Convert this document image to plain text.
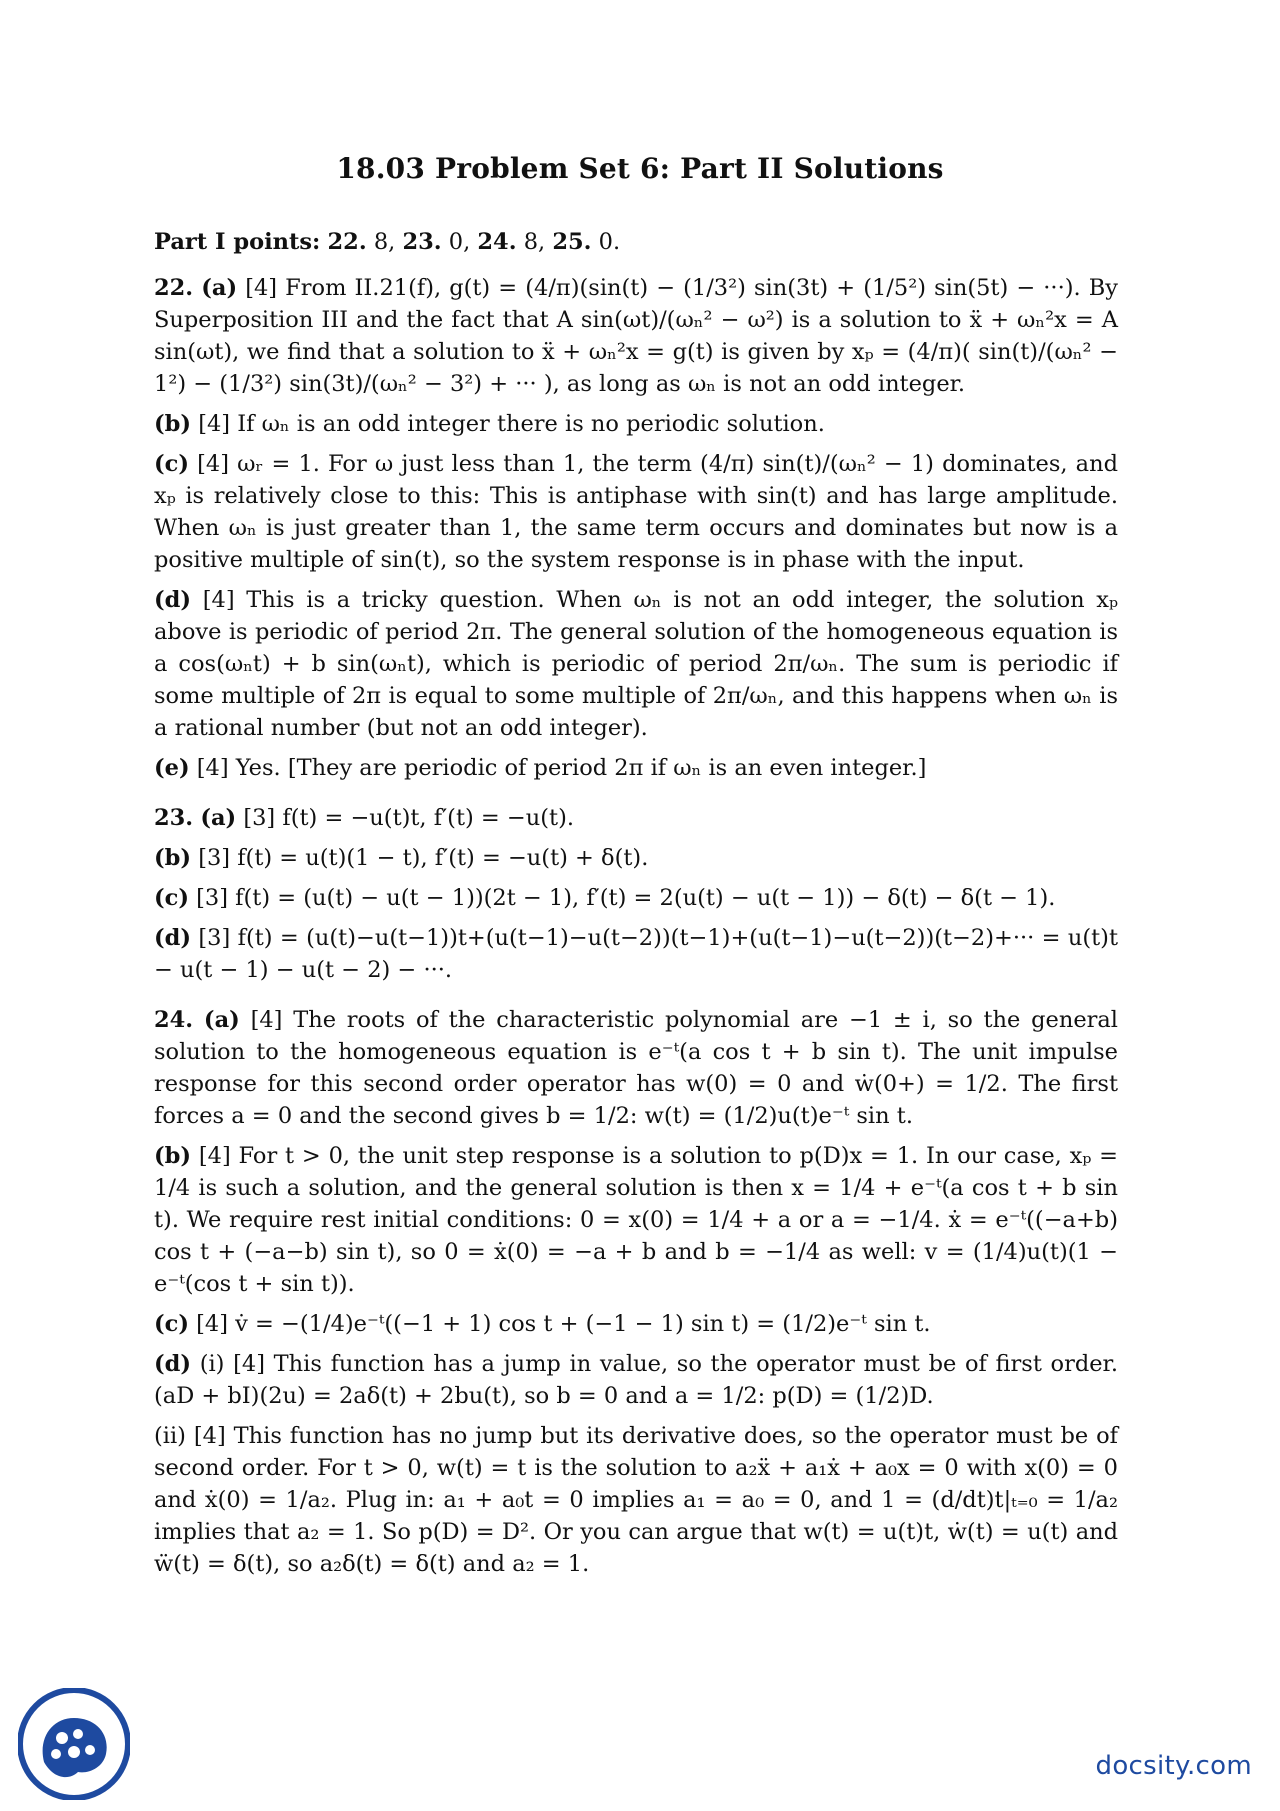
18.03 Problem Set 6: Part II Solutions

Part I points: 22. 8, 23. 0, 24. 8, 25. 0.

22. (a) [4] From II.21(f), g(t) = (4/π)(sin(t) − (1/3²) sin(3t) + (1/5²) sin(5t) − ···). By Superposition III and the fact that A sin(ωt)/(ωₙ² − ω²) is a solution to ẍ + ωₙ²x = A sin(ωt), we find that a solution to ẍ + ωₙ²x = g(t) is given by xₚ = (4/π)( sin(t)/(ωₙ² − 1²) − (1/3²) sin(3t)/(ωₙ² − 3²) + ··· ), as long as ωₙ is not an odd integer.

(b) [4] If ωₙ is an odd integer there is no periodic solution.

(c) [4] ωᵣ = 1. For ω just less than 1, the term (4/π) sin(t)/(ωₙ² − 1) dominates, and xₚ is relatively close to this: This is antiphase with sin(t) and has large amplitude. When ωₙ is just greater than 1, the same term occurs and dominates but now is a positive multiple of sin(t), so the system response is in phase with the input.

(d) [4] This is a tricky question. When ωₙ is not an odd integer, the solution xₚ above is periodic of period 2π. The general solution of the homogeneous equation is a cos(ωₙt) + b sin(ωₙt), which is periodic of period 2π/ωₙ. The sum is periodic if some multiple of 2π is equal to some multiple of 2π/ωₙ, and this happens when ωₙ is a rational number (but not an odd integer).

(e) [4] Yes. [They are periodic of period 2π if ωₙ is an even integer.]

23. (a) [3] f(t) = −u(t)t, f′(t) = −u(t).

(b) [3] f(t) = u(t)(1 − t), f′(t) = −u(t) + δ(t).

(c) [3] f(t) = (u(t) − u(t − 1))(2t − 1), f′(t) = 2(u(t) − u(t − 1)) − δ(t) − δ(t − 1).

(d) [3] f(t) = (u(t)−u(t−1))t+(u(t−1)−u(t−2))(t−1)+(u(t−1)−u(t−2))(t−2)+··· = u(t)t − u(t − 1) − u(t − 2) − ···.

24. (a) [4] The roots of the characteristic polynomial are −1 ± i, so the general solution to the homogeneous equation is e⁻ᵗ(a cos t + b sin t). The unit impulse response for this second order operator has w(0) = 0 and ẇ(0+) = 1/2. The first forces a = 0 and the second gives b = 1/2: w(t) = (1/2)u(t)e⁻ᵗ sin t.

(b) [4] For t > 0, the unit step response is a solution to p(D)x = 1. In our case, xₚ = 1/4 is such a solution, and the general solution is then x = 1/4 + e⁻ᵗ(a cos t + b sin t). We require rest initial conditions: 0 = x(0) = 1/4 + a or a = −1/4. ẋ = e⁻ᵗ((−a+b) cos t + (−a−b) sin t), so 0 = ẋ(0) = −a + b and b = −1/4 as well: v = (1/4)u(t)(1 − e⁻ᵗ(cos t + sin t)).

(c) [4] v̇ = −(1/4)e⁻ᵗ((−1 + 1) cos t + (−1 − 1) sin t) = (1/2)e⁻ᵗ sin t.

(d) (i) [4] This function has a jump in value, so the operator must be of first order. (aD + bI)(2u) = 2aδ(t) + 2bu(t), so b = 0 and a = 1/2: p(D) = (1/2)D.

(ii) [4] This function has no jump but its derivative does, so the operator must be of second order. For t > 0, w(t) = t is the solution to a₂ẍ + a₁ẋ + a₀x = 0 with x(0) = 0 and ẋ(0) = 1/a₂. Plug in: a₁ + a₀t = 0 implies a₁ = a₀ = 0, and 1 = (d/dt)t|ₜ₌₀ = 1/a₂ implies that a₂ = 1. So p(D) = D². Or you can argue that w(t) = u(t)t, ẇ(t) = u(t) and ẅ(t) = δ(t), so a₂δ(t) = δ(t) and a₂ = 1.

docsity.com
